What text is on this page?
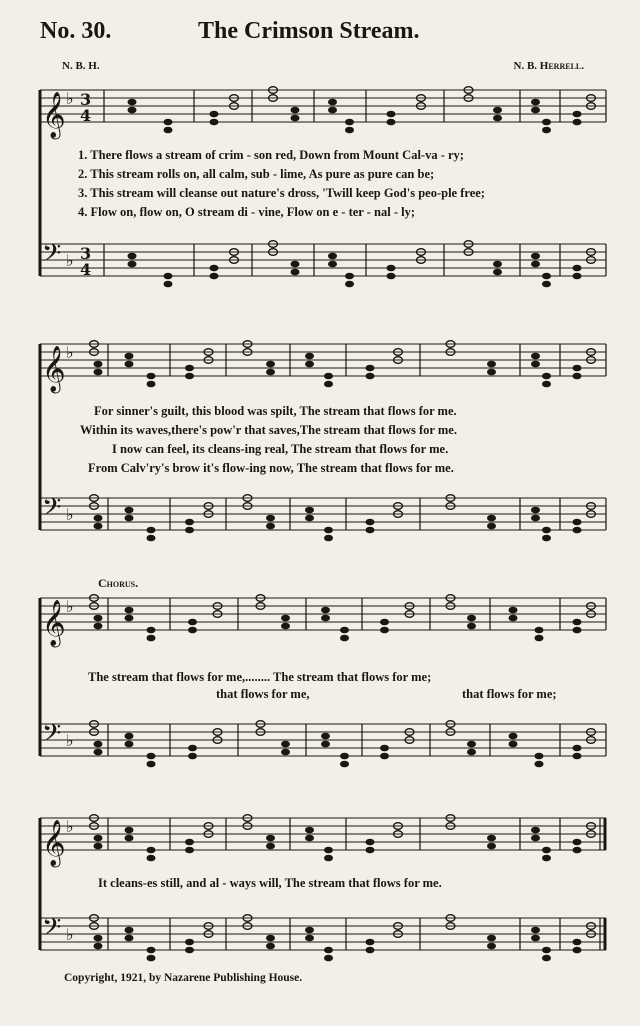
No. 30.	The Crimson Stream.
N. B. H.	N. B. Herrell.
𝄞 ♭ 3
4
𝄢 ♭ 3
4
𝄞 ♭
𝄢 ♭
𝄞 ♭
𝄢 ♭
𝄞 ♭
𝄢 ♭
1. There flows a stream of crim - son red, Down from Mount Cal-va - ry;
2. This stream rolls on, all calm, sub - lime, As pure as pure can be;
3. This stream will cleanse out nature's dross, 'Twill keep God's peo-ple free;
4. Flow on, flow on, O stream di - vine, Flow on e - ter - nal - ly;
For sinner's guilt, this blood was spilt, The stream that flows for me.
Within its waves,there's pow'r that saves,The stream that flows for me.
I now can feel, its cleans-ing real, The stream that flows for me.
From Calv'ry's brow it's flow-ing now, The stream that flows for me.
Chorus.
The stream that flows for me,........ The stream that flows for me;
that flows for me,	that flows for me;
It cleans-es still, and al - ways will, The stream that flows for me.
Copyright, 1921, by Nazarene Publishing House.
